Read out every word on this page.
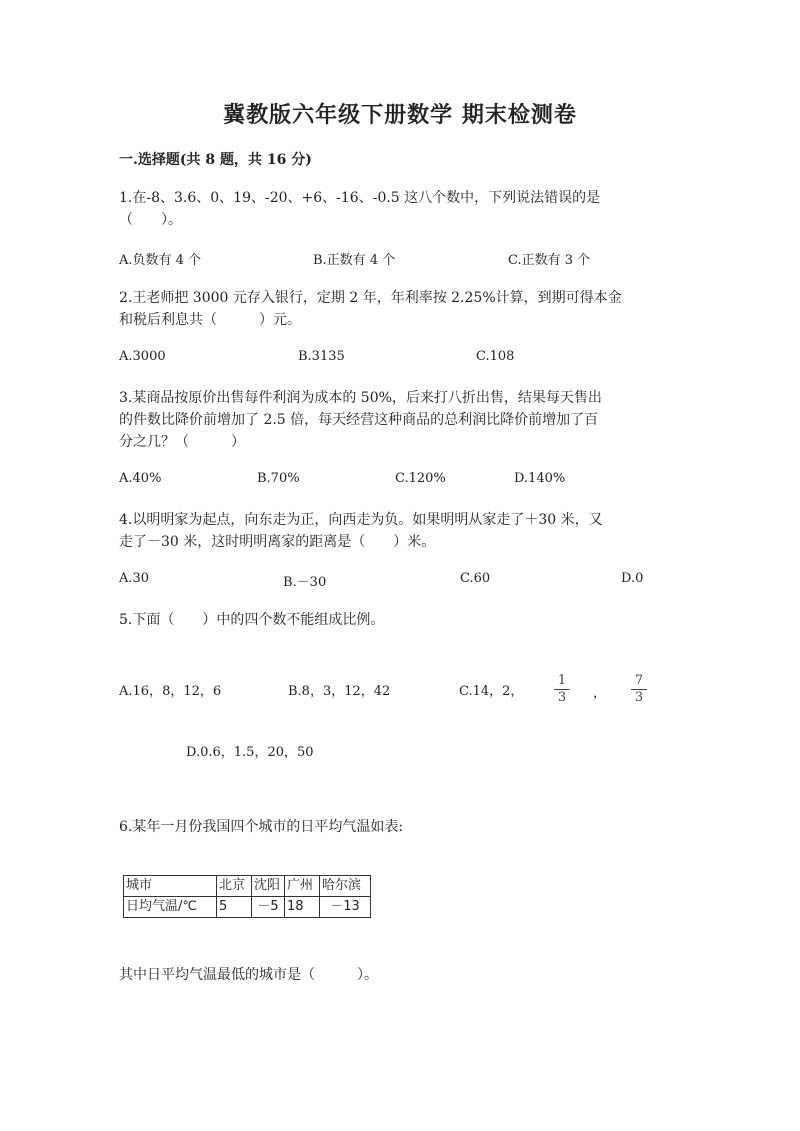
冀教版六年级下册数学 期末检测卷
一.选择题(共 8 题，共 16 分)
1.在-8、3.6、0、19、-20、+6、-16、-0.5 这八个数中，下列说法错误的是
（　　）。
A.负数有 4 个	B.正数有 4 个	C.正数有 3 个
2.王老师把 3000 元存入银行，定期 2 年，年利率按 2.25%计算，到期可得本金
和税后利息共（　　　）元。
A.3000	B.3135	C.108
3.某商品按原价出售每件利润为成本的 50%，后来打八折出售，结果每天售出
的件数比降价前增加了 2.5 倍，每天经营这种商品的总利润比降价前增加了百
分之几？（　　　）
A.40%	B.70%	C.120%	D.140%
4.以明明家为起点，向东走为正，向西走为负。如果明明从家走了＋30 米，又
走了－30 米，这时明明离家的距离是（　　）米。
A.30	B.－30	C.60	D.0
5.下面（　　）中的四个数不能组成比例。
A.16，8，12，6	B.8，3，12，42	C.14，2，
1
3 ，
7
3
D.0.6，1.5，20，50
6.某年一月份我国四个城市的日平均气温如表:
城市	北京	沈阳	广州	哈尔滨
日均气温/℃	5	－5	18	－13
其中日平均气温最低的城市是（　　　）。
